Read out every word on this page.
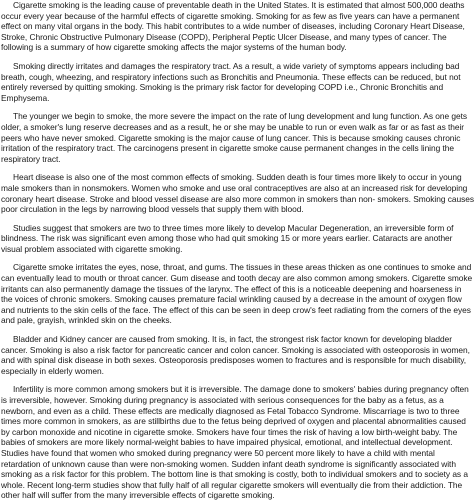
Cigarette smoking is the leading cause of preventable death in the United States. It is estimated that almost 500,000 deaths occur every year because of the harmful effects of cigarette smoking. Smoking for as few as five years can have a permanent effect on many vital organs in the body. This habit contributes to a wide number of diseases, including Coronary Heart Disease, Stroke, Chronic Obstructive Pulmonary Disease (COPD), Peripheral Peptic Ulcer Disease, and many types of cancer. The following is a summary of how cigarette smoking affects the major systems of the human body.

Smoking directly irritates and damages the respiratory tract. As a result, a wide variety of symptoms appears including bad breath, cough, wheezing, and respiratory infections such as Bronchitis and Pneumonia. These effects can be reduced, but not entirely reversed by quitting smoking. Smoking is the primary risk factor for developing COPD i.e., Chronic Bronchitis and Emphysema.

The younger we begin to smoke, the more severe the impact on the rate of lung development and lung function. As one gets older, a smoker's lung reserve decreases and as a result, he or she may be unable to run or even walk as far or as fast as their peers who have never smoked. Cigarette smoking is the major cause of lung cancer. This is because smoking causes chronic irritation of the respiratory tract. The carcinogens present in cigarette smoke cause permanent changes in the cells lining the respiratory tract.

Heart disease is also one of the most common effects of smoking. Sudden death is four times more likely to occur in young male smokers than in nonsmokers. Women who smoke and use oral contraceptives are also at an increased risk for developing coronary heart disease. Stroke and blood vessel disease are also more common in smokers than non- smokers. Smoking causes poor circulation in the legs by narrowing blood vessels that supply them with blood.

Studies suggest that smokers are two to three times more likely to develop Macular Degeneration, an irreversible form of blindness. The risk was significant even among those who had quit smoking 15 or more years earlier. Cataracts are another visual problem associated with cigarette smoking.

Cigarette smoke irritates the eyes, nose, throat, and gums. The tissues in these areas thicken as one continues to smoke and can eventually lead to mouth or throat cancer. Gum disease and tooth decay are also common among smokers. Cigarette smoke irritants can also permanently damage the tissues of the larynx. The effect of this is a noticeable deepening and hoarseness in the voices of chronic smokers. Smoking causes premature facial wrinkling caused by a decrease in the amount of oxygen flow and nutrients to the skin cells of the face. The effect of this can be seen in deep crow's feet radiating from the corners of the eyes and pale, grayish, wrinkled skin on the cheeks.

Bladder and Kidney cancer are caused from smoking. It is, in fact, the strongest risk factor known for developing bladder cancer. Smoking is also a risk factor for pancreatic cancer and colon cancer. Smoking is associated with osteoporosis in women, and with spinal disk disease in both sexes. Osteoporosis predisposes women to fractures and is responsible for much disability, especially in elderly women.

Infertility is more common among smokers but it is irreversible. The damage done to smokers' babies during pregnancy often is irreversible, however. Smoking during pregnancy is associated with serious consequences for the baby as a fetus, as a newborn, and even as a child. These effects are medically diagnosed as Fetal Tobacco Syndrome. Miscarriage is two to three times more common in smokers, as are stillbirths due to the fetus being deprived of oxygen and placental abnormalities caused by carbon monoxide and nicotine in cigarette smoke. Smokers have four times the risk of having a low birth-weight baby. The babies of smokers are more likely normal-weight babies to have impaired physical, emotional, and intellectual development. Studies have found that women who smoked during pregnancy were 50 percent more likely to have a child with mental retardation of unknown cause than were non-smoking women. Sudden infant death syndrome is significantly associated with smoking as a risk factor for this problem. The bottom line is that smoking is costly, both to individual smokers and to society as a whole. Recent long-term studies show that fully half of all regular cigarette smokers will eventually die from their addiction. The other half will suffer from the many irreversible effects of cigarette smoking.
